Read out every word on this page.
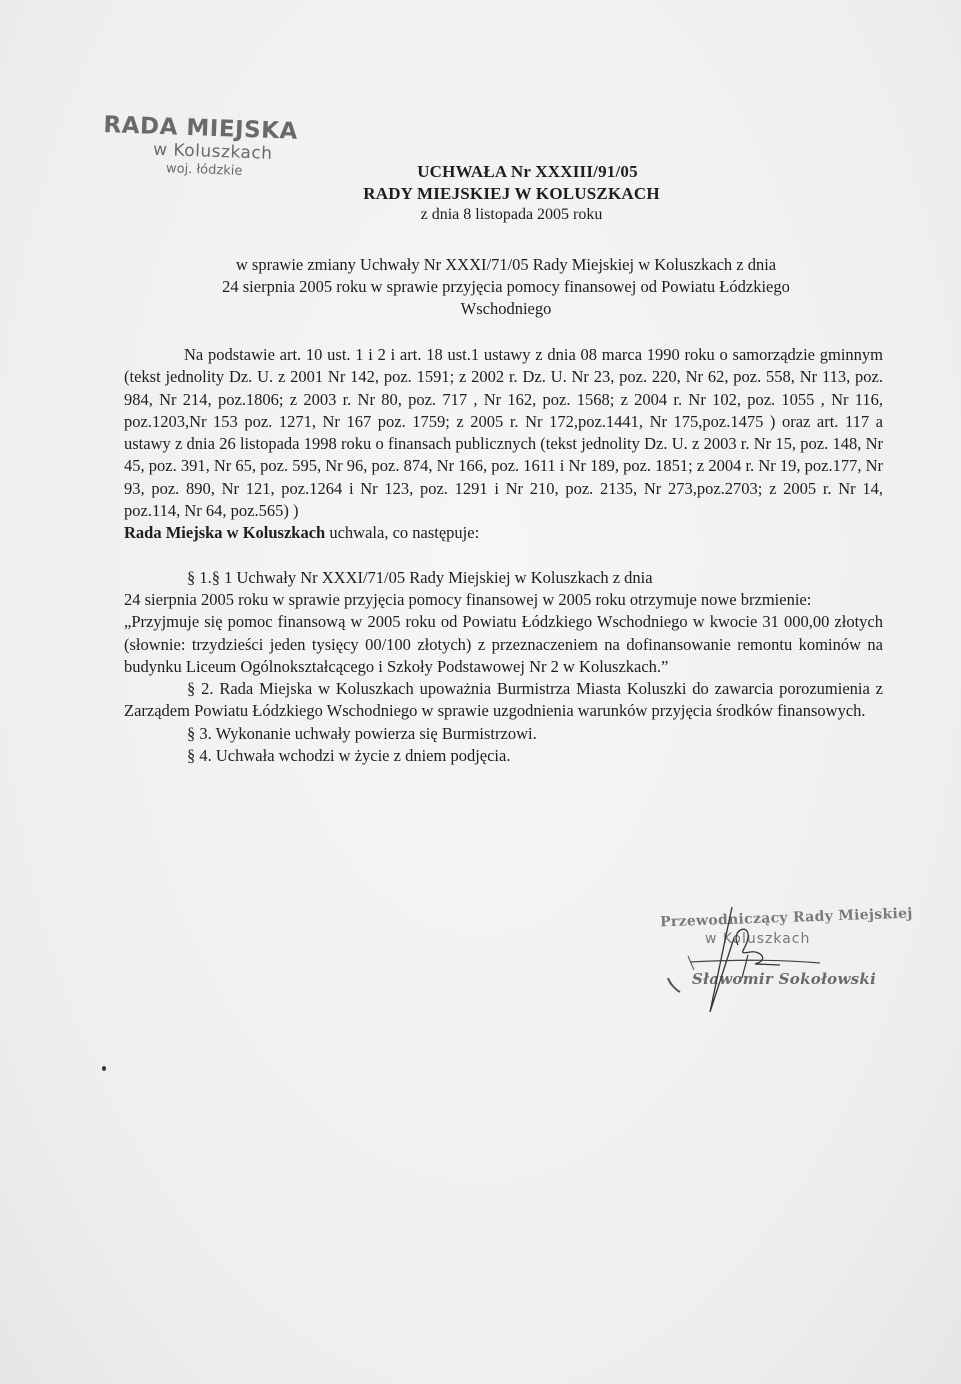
RADA MIEJSKA
w Koluszkach
woj. łódzkie	UCHWAŁA Nr XXXIII/91/05
RADY MIEJSKIEJ W KOLUSZKACH
z dnia 8 listopada 2005 roku
w sprawie zmiany Uchwały Nr XXXI/71/05 Rady Miejskiej w Koluszkach z dnia
24 sierpnia 2005 roku w sprawie przyjęcia pomocy finansowej od Powiatu Łódzkiego
Wschodniego

Na podstawie art. 10 ust. 1 i 2 i art. 18 ust.1 ustawy z dnia 08 marca 1990 roku o samorządzie gminnym (tekst jednolity Dz. U. z 2001 Nr 142, poz. 1591; z 2002 r. Dz. U. Nr 23, poz. 220, Nr 62, poz. 558, Nr 113, poz. 984, Nr 214, poz.1806; z 2003 r. Nr 80, poz. 717 , Nr 162, poz. 1568; z 2004 r. Nr 102, poz. 1055 , Nr 116, poz.1203,Nr 153 poz. 1271, Nr 167 poz. 1759; z 2005 r. Nr 172,poz.1441, Nr 175,poz.1475 ) oraz art. 117 a ustawy z dnia 26 listopada 1998 roku o finansach publicznych (tekst jednolity Dz. U. z 2003 r. Nr 15, poz. 148, Nr 45, poz. 391, Nr 65, poz. 595, Nr 96, poz. 874, Nr 166, poz. 1611 i Nr 189, poz. 1851; z 2004 r. Nr 19, poz.177, Nr 93, poz. 890, Nr 121, poz.1264 i Nr 123, poz. 1291 i Nr 210, poz. 2135, Nr 273,poz.2703; z 2005 r. Nr 14, poz.114, Nr 64, poz.565) )

Rada Miejska w Koluszkach uchwala, co następuje:

§ 1.§ 1 Uchwały Nr XXXI/71/05 Rady Miejskiej w Koluszkach z dnia

24 sierpnia 2005 roku w sprawie przyjęcia pomocy finansowej w 2005 roku otrzymuje nowe brzmienie:

„Przyjmuje się pomoc finansową w 2005 roku od Powiatu Łódzkiego Wschodniego w kwocie 31 000,00 złotych (słownie: trzydzieści jeden tysięcy 00/100 złotych) z przeznaczeniem na dofinansowanie remontu kominów na budynku Liceum Ogólnokształcącego i Szkoły Podstawowej Nr 2 w Koluszkach.”

§ 2. Rada Miejska w Koluszkach upoważnia Burmistrza Miasta Koluszki do zawarcia porozumienia z Zarządem Powiatu Łódzkiego Wschodniego w sprawie uzgodnienia warunków przyjęcia środków finansowych.

§ 3. Wykonanie uchwały powierza się Burmistrzowi.

§ 4. Uchwała wchodzi w życie z dniem podjęcia.

Przewodniczący Rady Miejskiej
w Koluszkach
Sławomir Sokołowski
